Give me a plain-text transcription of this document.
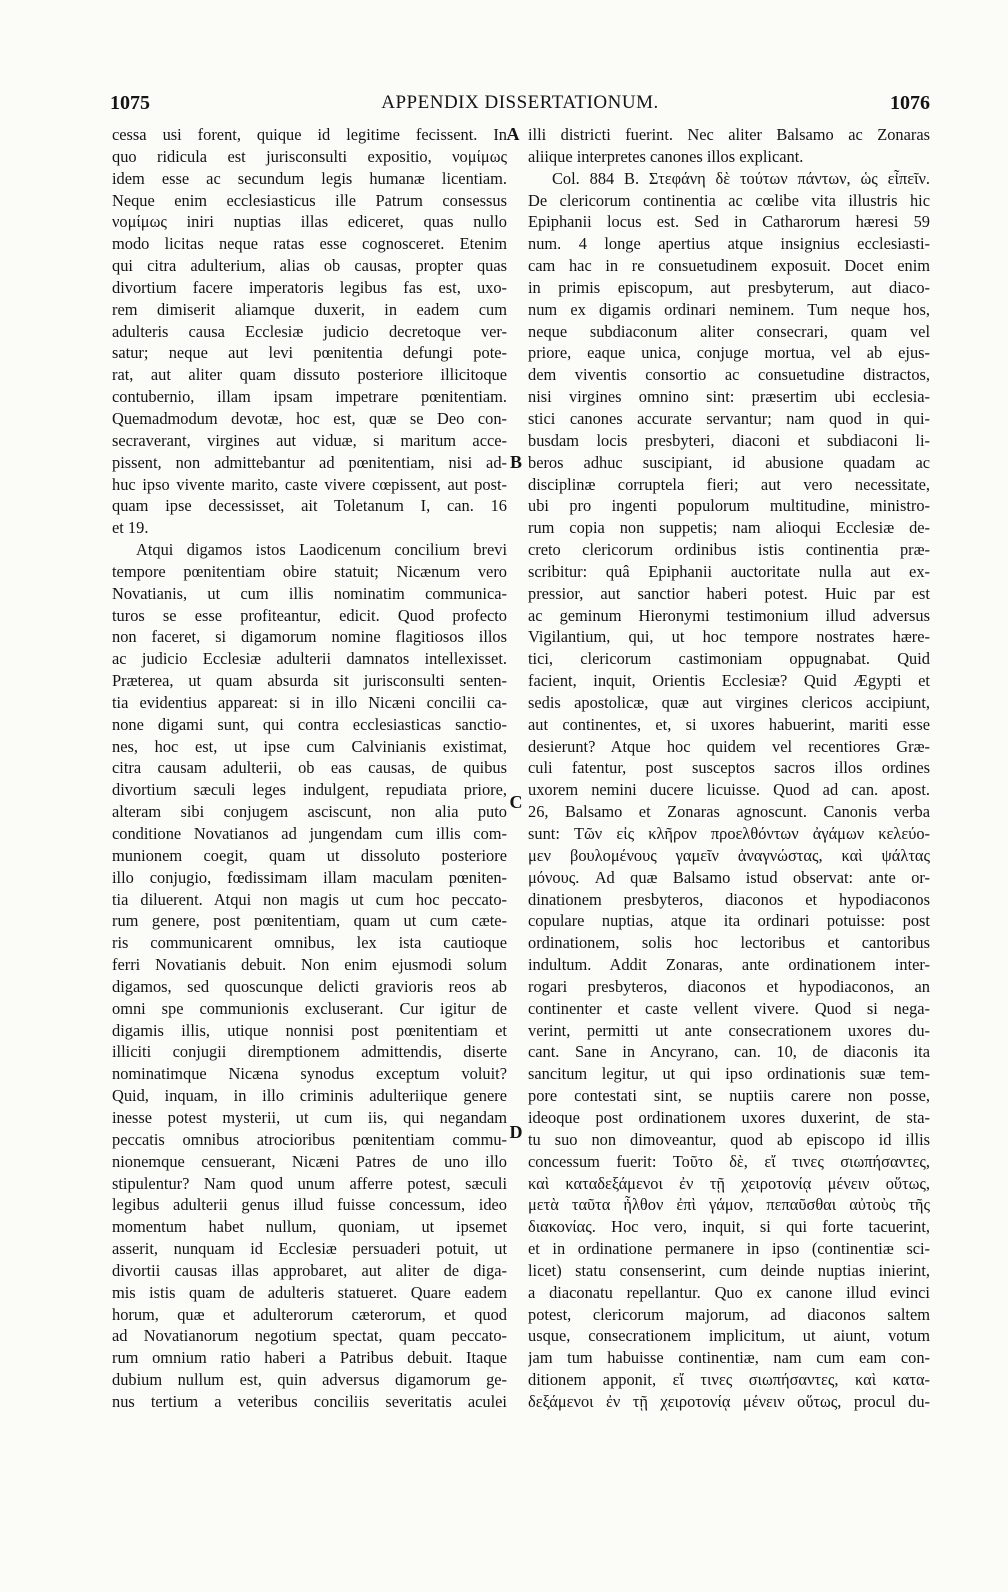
1075	APPENDIX DISSERTATIONUM.	1076
A
B
C
D
cessa usi forent, quique id legitime fecissent. In
quo ridicula est jurisconsulti expositio, νομίμως
idem esse ac secundum legis humanæ licentiam.
Neque enim ecclesiasticus ille Patrum consessus
νομίμως iniri nuptias illas ediceret, quas nullo
modo licitas neque ratas esse cognosceret. Etenim
qui citra adulterium, alias ob causas, propter quas
divortium facere imperatoris legibus fas est, uxo-
rem dimiserit aliamque duxerit, in eadem cum
adulteris causa Ecclesiæ judicio decretoque ver-
satur; neque aut levi pœnitentia defungi pote-
rat, aut aliter quam dissuto posteriore illicitoque
contubernio, illam ipsam impetrare pœnitentiam.
Quemadmodum devotæ, hoc est, quæ se Deo con-
secraverant, virgines aut viduæ, si maritum acce-
pissent, non admittebantur ad pœnitentiam, nisi ad-
huc ipso vivente marito, caste vivere cœpissent, aut post-
quam ipse decessisset, ait Toletanum I, can. 16
et 19.
Atqui digamos istos Laodicenum concilium brevi
tempore pœnitentiam obire statuit; Nicænum vero
Novatianis, ut cum illis nominatim communica-
turos se esse profiteantur, edicit. Quod profecto
non faceret, si digamorum nomine flagitiosos illos
ac judicio Ecclesiæ adulterii damnatos intellexisset.
Præterea, ut quam absurda sit jurisconsulti senten-
tia evidentius appareat: si in illo Nicæni concilii ca-
none digami sunt, qui contra ecclesiasticas sanctio-
nes, hoc est, ut ipse cum Calvinianis existimat,
citra causam adulterii, ob eas causas, de quibus
divortium sæculi leges indulgent, repudiata priore,
alteram sibi conjugem asciscunt, non alia puto
conditione Novatianos ad jungendam cum illis com-
munionem coegit, quam ut dissoluto posteriore
illo conjugio, fœdissimam illam maculam pœniten-
tia diluerent. Atqui non magis ut cum hoc peccato-
rum genere, post pœnitentiam, quam ut cum cæte-
ris communicarent omnibus, lex ista cautioque
ferri Novatianis debuit. Non enim ejusmodi solum
digamos, sed quoscunque delicti gravioris reos ab
omni spe communionis excluserant. Cur igitur de
digamis illis, utique nonnisi post pœnitentiam et
illiciti conjugii diremptionem admittendis, diserte
nominatimque Nicæna synodus exceptum voluit?
Quid, inquam, in illo criminis adulteriique genere
inesse potest mysterii, ut cum iis, qui negandam
peccatis omnibus atrocioribus pœnitentiam commu-
nionemque censuerant, Nicæni Patres de uno illo
stipulentur? Nam quod unum afferre potest, sæculi
legibus adulterii genus illud fuisse concessum, ideo
momentum habet nullum, quoniam, ut ipsemet
asserit, nunquam id Ecclesiæ persuaderi potuit, ut
divortii causas illas approbaret, aut aliter de diga-
mis istis quam de adulteris statueret. Quare eadem
horum, quæ et adulterorum cæterorum, et quod
ad Novatianorum negotium spectat, quam peccato-
rum omnium ratio haberi a Patribus debuit. Itaque
dubium nullum est, quin adversus digamorum ge-
nus tertium a veteribus conciliis severitatis aculei
illi districti fuerint. Nec aliter Balsamo ac Zonaras
aliique interpretes canones illos explicant.
Col. 884 B. Στεφάνη δὲ τούτων πάντων, ὡς εἶπεῖν.
De clericorum continentia ac cœlibe vita illustris hic
Epiphanii locus est. Sed in Catharorum hæresi 59
num. 4 longe apertius atque insignius ecclesiasti-
cam hac in re consuetudinem exposuit. Docet enim
in primis episcopum, aut presbyterum, aut diaco-
num ex digamis ordinari neminem. Tum neque hos,
neque subdiaconum aliter consecrari, quam vel
priore, eaque unica, conjuge mortua, vel ab ejus-
dem viventis consortio ac consuetudine distractos,
nisi virgines omnino sint: præsertim ubi ecclesia-
stici canones accurate servantur; nam quod in qui-
busdam locis presbyteri, diaconi et subdiaconi li-
beros adhuc suscipiant, id abusione quadam ac
disciplinæ corruptela fieri; aut vero necessitate,
ubi pro ingenti populorum multitudine, ministro-
rum copia non suppetis; nam alioqui Ecclesiæ de-
creto clericorum ordinibus istis continentia præ-
scribitur: quâ Epiphanii auctoritate nulla aut ex-
pressior, aut sanctior haberi potest. Huic par est
ac geminum Hieronymi testimonium illud adversus
Vigilantium, qui, ut hoc tempore nostrates hære-
tici, clericorum castimoniam oppugnabat. Quid
facient, inquit, Orientis Ecclesiæ? Quid Ægypti et
sedis apostolicæ, quæ aut virgines clericos accipiunt,
aut continentes, et, si uxores habuerint, mariti esse
desierunt? Atque hoc quidem vel recentiores Græ-
culi fatentur, post susceptos sacros illos ordines
uxorem nemini ducere licuisse. Quod ad can. apost.
26, Balsamo et Zonaras agnoscunt. Canonis verba
sunt: Τῶν εἰς κλῆρον προελθόντων ἀγάμων κελεύο-
μεν βουλομένους γαμεῖν ἀναγνώστας, καὶ ψάλτας
μόνους. Ad quæ Balsamo istud observat: ante or-
dinationem presbyteros, diaconos et hypodiaconos
copulare nuptias, atque ita ordinari potuisse: post
ordinationem, solis hoc lectoribus et cantoribus
indultum. Addit Zonaras, ante ordinationem inter-
rogari presbyteros, diaconos et hypodiaconos, an
continenter et caste vellent vivere. Quod si nega-
verint, permitti ut ante consecrationem uxores du-
cant. Sane in Ancyrano, can. 10, de diaconis ita
sancitum legitur, ut qui ipso ordinationis suæ tem-
pore contestati sint, se nuptiis carere non posse,
ideoque post ordinationem uxores duxerint, de sta-
tu suo non dimoveantur, quod ab episcopo id illis
concessum fuerit: Τοῦτο δὲ, εἴ τινες σιωπήσαντες,
καὶ καταδεξάμενοι ἐν τῇ χειροτονίᾳ μένειν οὕτως,
μετὰ ταῦτα ἦλθον ἐπὶ γάμον, πεπαῦσθαι αὐτοὺς τῆς
διακονίας. Hoc vero, inquit, si qui forte tacuerint,
et in ordinatione permanere in ipso (continentiæ sci-
licet) statu consenserint, cum deinde nuptias inierint,
a diaconatu repellantur. Quo ex canone illud evinci
potest, clericorum majorum, ad diaconos saltem
usque, consecrationem implicitum, ut aiunt, votum
jam tum habuisse continentiæ, nam cum eam con-
ditionem apponit, εἴ τινες σιωπήσαντες, καὶ κατα-
δεξάμενοι ἐν τῇ χειροτονίᾳ μένειν οὕτως, procul du-
